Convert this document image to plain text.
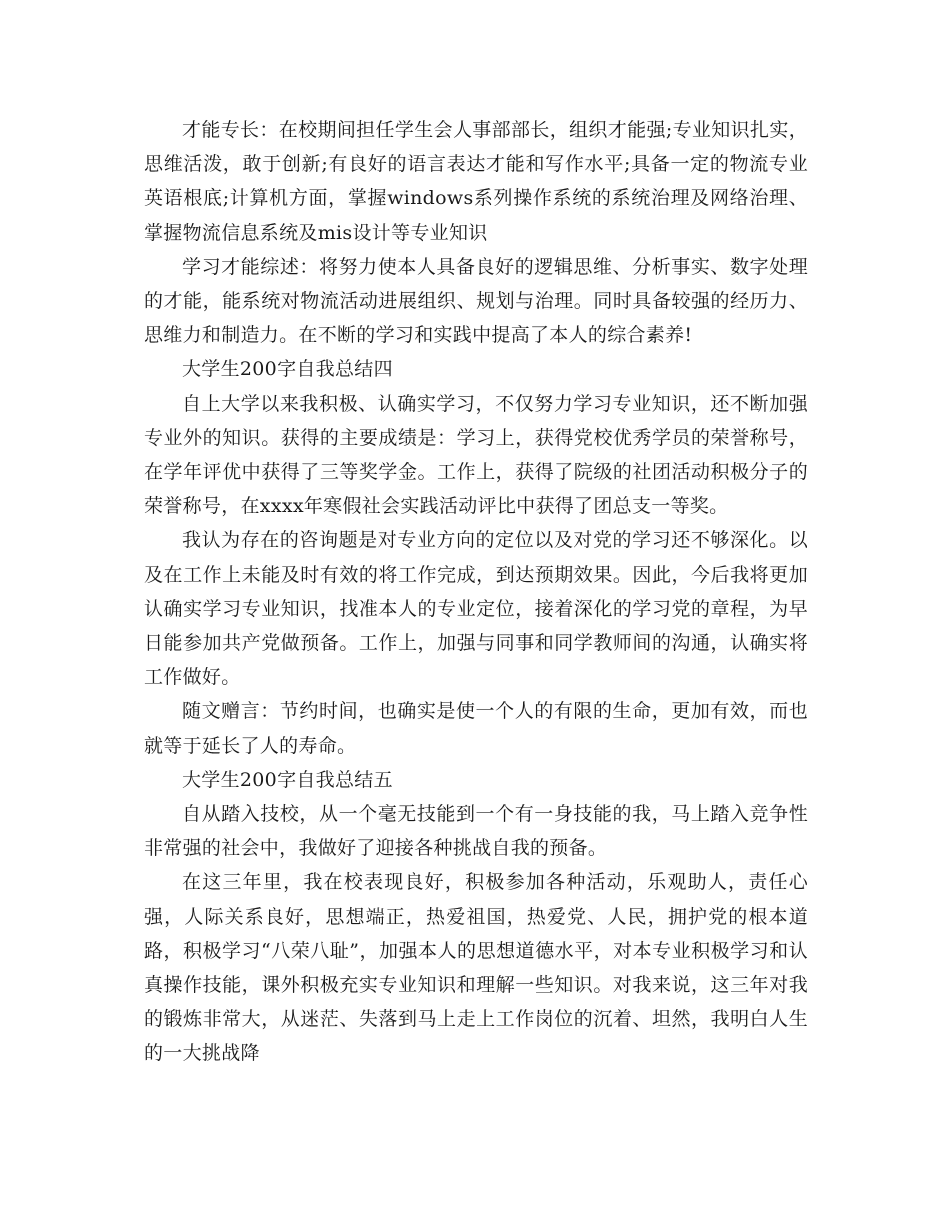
才能专长：在校期间担任学生会人事部部长，组织才能强;专业知识扎实，思维活泼，敢于创新;有良好的语言表达才能和写作水平;具备一定的物流专业英语根底;计算机方面，掌握windows系列操作系统的系统治理及网络治理、掌握物流信息系统及mis设计等专业知识

学习才能综述：将努力使本人具备良好的逻辑思维、分析事实、数字处理的才能，能系统对物流活动进展组织、规划与治理。同时具备较强的经历力、思维力和制造力。在不断的学习和实践中提高了本人的综合素养!

大学生200字自我总结四

自上大学以来我积极、认确实学习，不仅努力学习专业知识，还不断加强专业外的知识。获得的主要成绩是：学习上，获得党校优秀学员的荣誉称号，在学年评优中获得了三等奖学金。工作上，获得了院级的社团活动积极分子的荣誉称号，在xxxx年寒假社会实践活动评比中获得了团总支一等奖。

我认为存在的咨询题是对专业方向的定位以及对党的学习还不够深化。以及在工作上未能及时有效的将工作完成，到达预期效果。因此，今后我将更加认确实学习专业知识，找准本人的专业定位，接着深化的学习党的章程，为早日能参加共产党做预备。工作上，加强与同事和同学教师间的沟通，认确实将工作做好。

随文赠言：节约时间，也确实是使一个人的有限的生命，更加有效，而也就等于延长了人的寿命。

大学生200字自我总结五

自从踏入技校，从一个毫无技能到一个有一身技能的我，马上踏入竞争性非常强的社会中，我做好了迎接各种挑战自我的预备。

在这三年里，我在校表现良好，积极参加各种活动，乐观助人，责任心强，人际关系良好，思想端正，热爱祖国，热爱党、人民，拥护党的根本道路，积极学习“八荣八耻”，加强本人的思想道德水平，对本专业积极学习和认真操作技能，课外积极充实专业知识和理解一些知识。对我来说，这三年对我的锻炼非常大，从迷茫、失落到马上走上工作岗位的沉着、坦然，我明白人生的一大挑战降
